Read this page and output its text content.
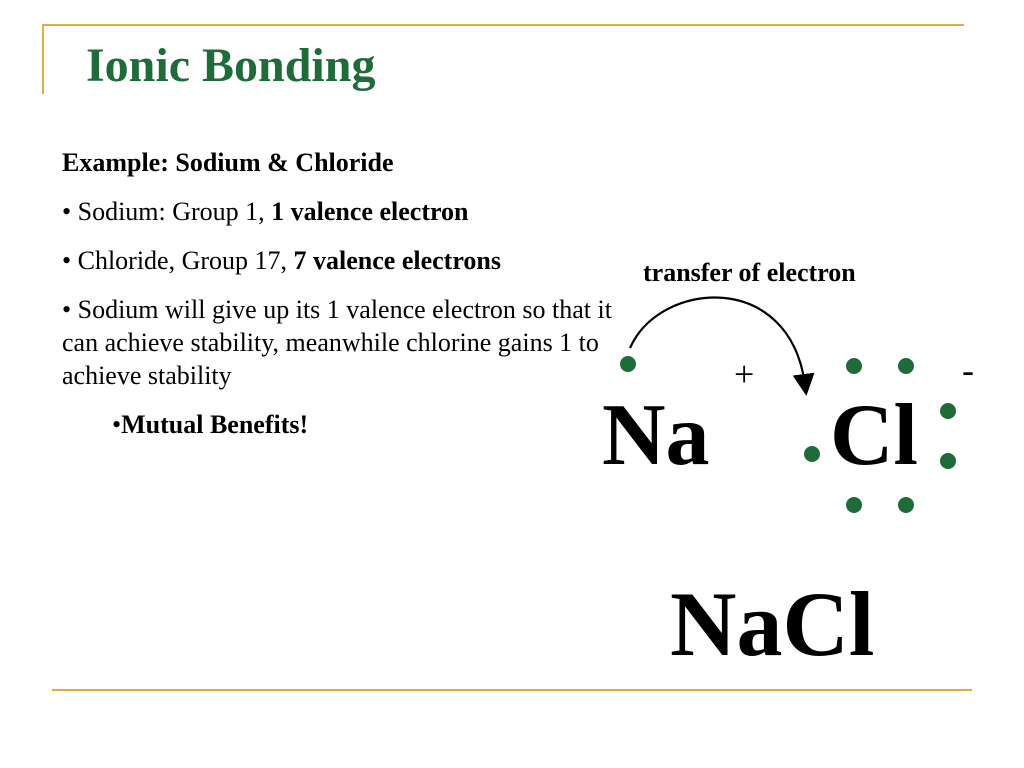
Ionic Bonding

Example: Sodium & Chloride

• Sodium: Group 1, 1 valence electron

• Chloride, Group 17, 7 valence electrons

• Sodium will give up its 1 valence electron so that it can achieve stability, meanwhile chlorine gains 1 to achieve stability

•Mutual Benefits!

transfer of electron
Na
+
Cl
-
NaCl
